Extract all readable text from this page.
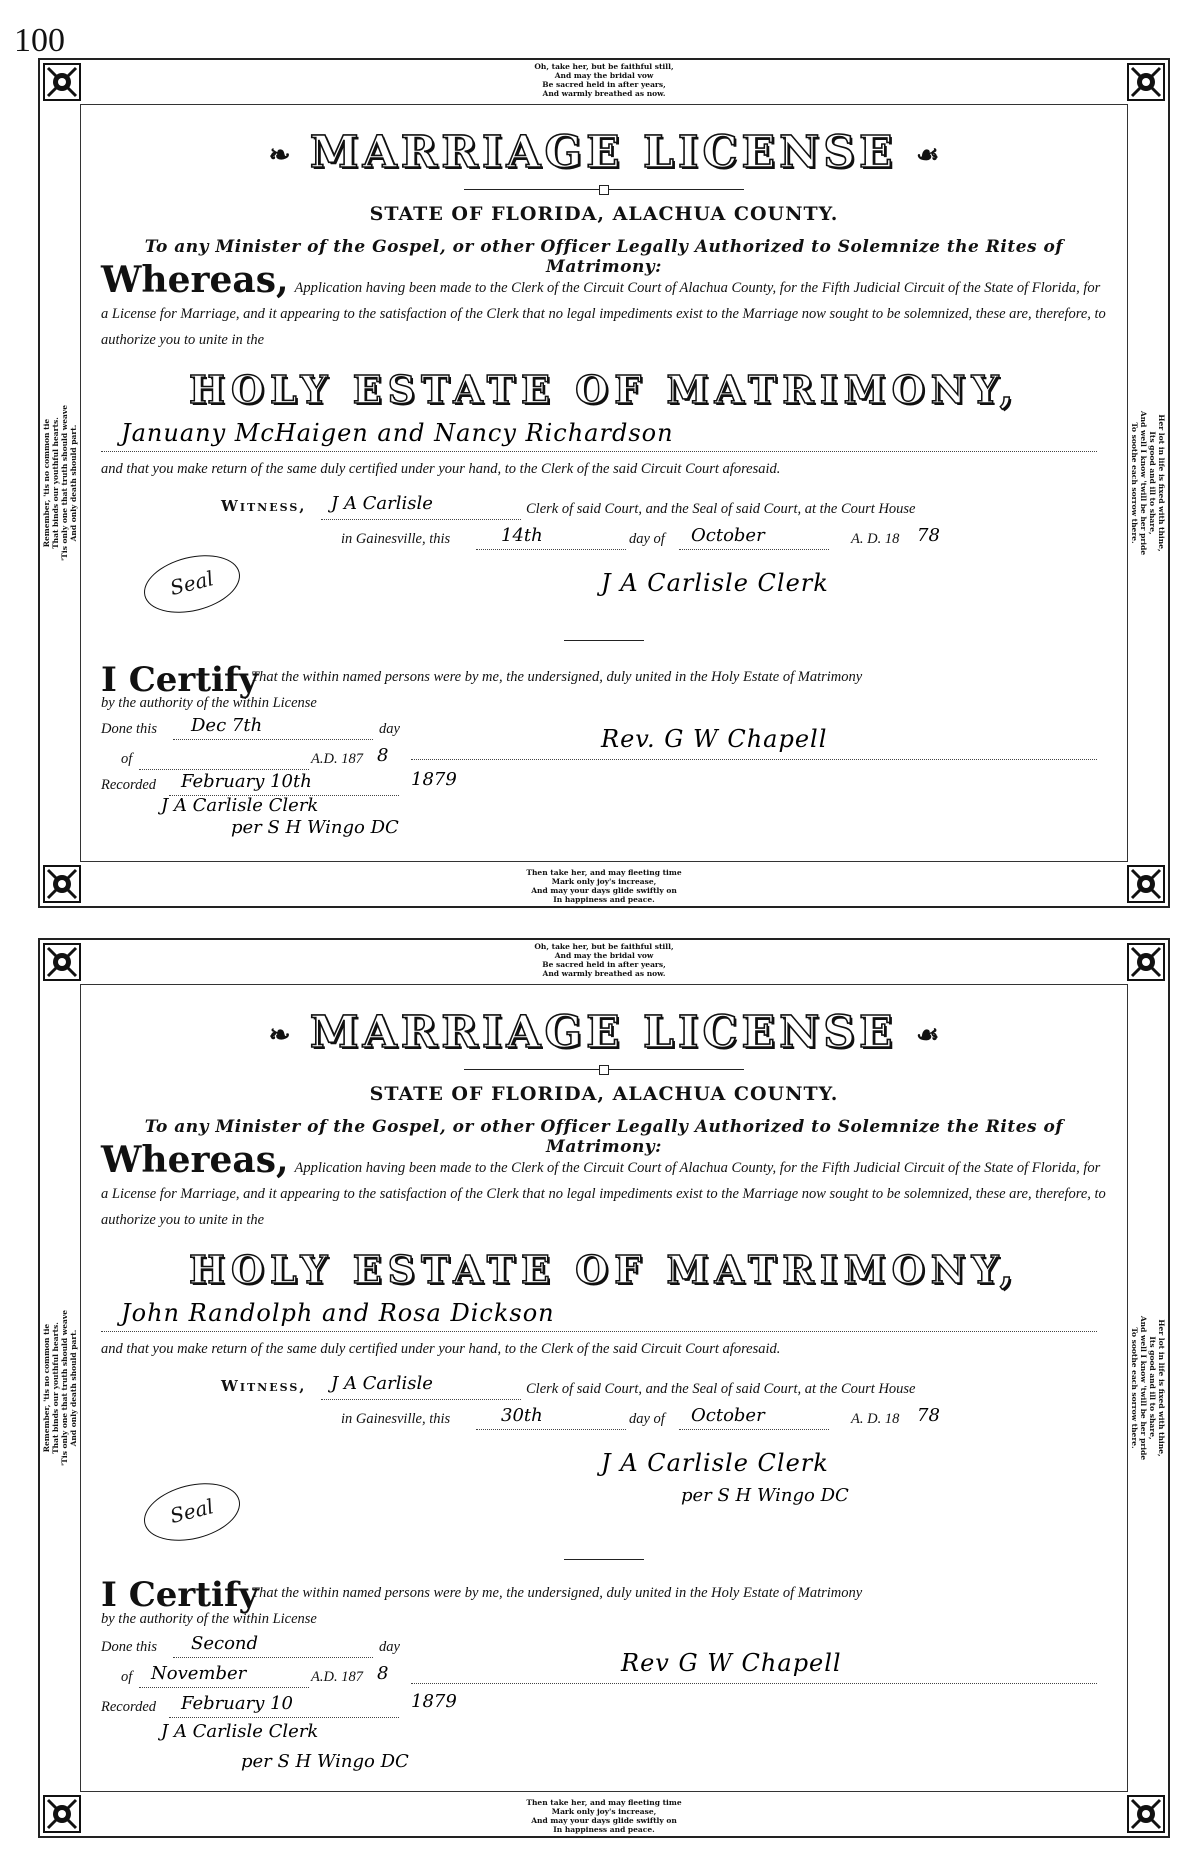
100
Oh, take her, but be faithful still,
And may the bridal vow
Be sacred held in after years,
And warmly breathed as now.
Then take her, and may fleeting time
Mark only joy's increase,
And may your days glide swiftly on
In happiness and peace.
Remember, 'tis no common tie That binds our youthful hearts. 'Tis only one that truth should weave And only death should part.	Her lot in life is fixed with thine,
Its good and ill to share,
And well I know 'twill be her pride
To soothe each sorrow there.
❧ MARRIAGE LICENSE ☙
STATE OF FLORIDA, ALACHUA COUNTY.
To any Minister of the Gospel, or other Officer Legally Authorized to Solemnize the Rites of Matrimony:
Whereas, Application having been made to the Clerk of the Circuit Court of Alachua County, for the Fifth Judicial Circuit of the State of Florida, for a License for Marriage, and it appearing to the satisfaction of the Clerk that no legal impediments exist to the Marriage now sought to be solemnized, these are, therefore, to authorize you to unite in the
HOLY ESTATE OF MATRIMONY,
Januany McHaigen and Nancy Richardson
and that you make return of the same duly certified under your hand, to the Clerk of the said Circuit Court aforesaid.
Witness, J A Carlisle	Clerk of said Court, and the Seal of said Court, at the Court House
in Gainesville, this	14th	day of October	A. D. 18 78
Seal	J A Carlisle Clerk
I Certify
That the within named persons were by me, the undersigned, duly united in the Holy Estate of Matrimony
by the authority of the within License
Done this Dec 7th	day
of	A.D. 187 8
Rev. G W Chapell
Recorded February 10th	1879
J A Carlisle Clerk
per S H Wingo DC
Oh, take her, but be faithful still,
And may the bridal vow
Be sacred held in after years,
And warmly breathed as now.
Then take her, and may fleeting time
Mark only joy's increase,
And may your days glide swiftly on
In happiness and peace.
Remember, 'tis no common tie That binds our youthful hearts. 'Tis only one that truth should weave And only death should part.	Her lot in life is fixed with thine,
Its good and ill to share,
And well I know 'twill be her pride
To soothe each sorrow there.
❧ MARRIAGE LICENSE ☙
STATE OF FLORIDA, ALACHUA COUNTY.
To any Minister of the Gospel, or other Officer Legally Authorized to Solemnize the Rites of Matrimony:
Whereas, Application having been made to the Clerk of the Circuit Court of Alachua County, for the Fifth Judicial Circuit of the State of Florida, for a License for Marriage, and it appearing to the satisfaction of the Clerk that no legal impediments exist to the Marriage now sought to be solemnized, these are, therefore, to authorize you to unite in the
HOLY ESTATE OF MATRIMONY,
John Randolph and Rosa Dickson
and that you make return of the same duly certified under your hand, to the Clerk of the said Circuit Court aforesaid.
Witness, J A Carlisle	Clerk of said Court, and the Seal of said Court, at the Court House
in Gainesville, this	30th	day of October	A. D. 18 78
Seal
J A Carlisle Clerk
per S H Wingo DC
I Certify
That the within named persons were by me, the undersigned, duly united in the Holy Estate of Matrimony
by the authority of the within License
Done this Second	day
of November	A.D. 187 8	Rev G W Chapell
Recorded February 10	1879
J A Carlisle Clerk
per S H Wingo DC
